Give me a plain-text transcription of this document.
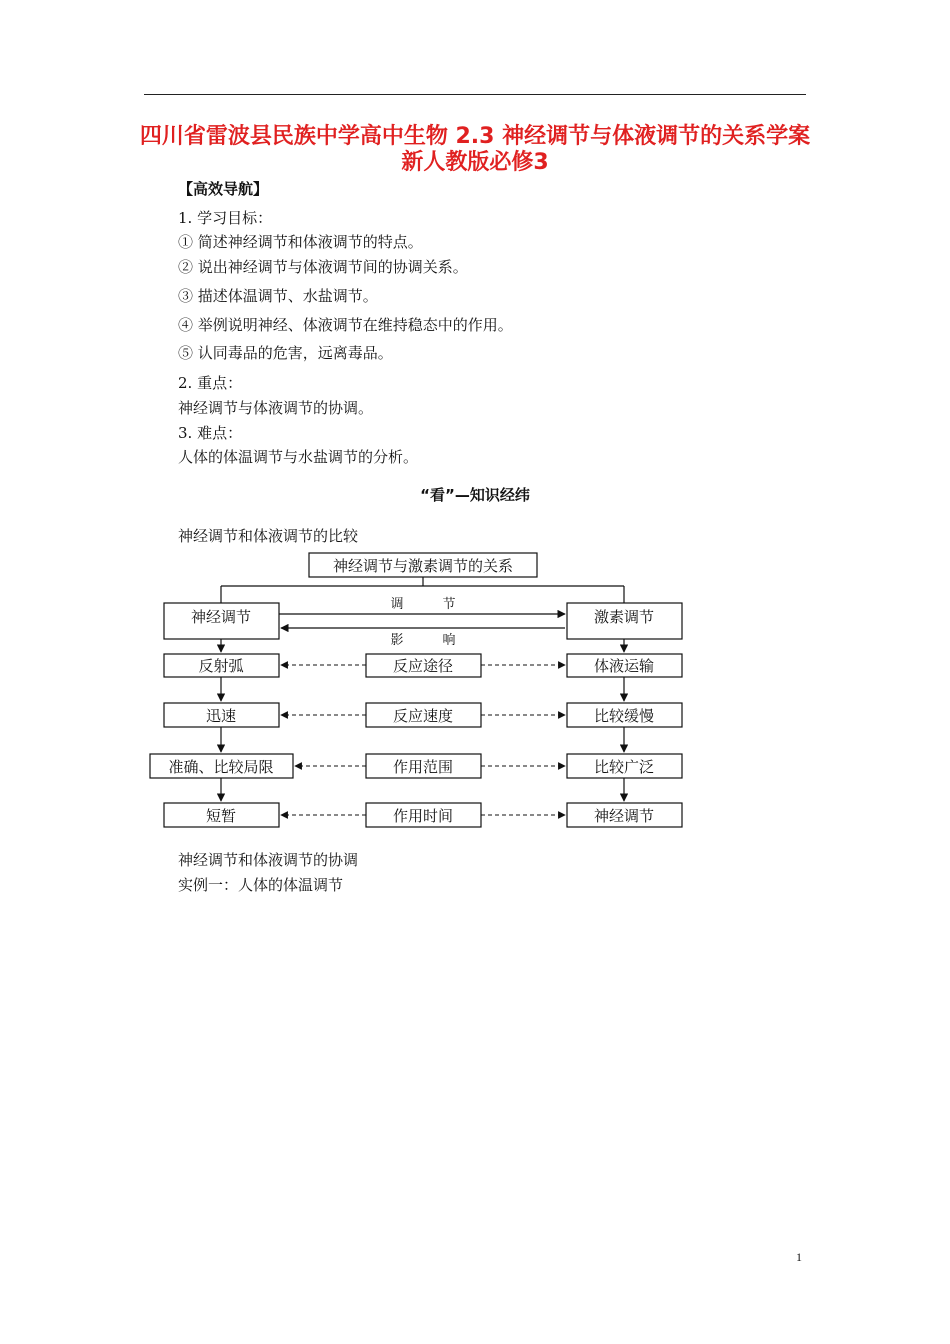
四川省雷波县民族中学高中生物 2.3 神经调节与体液调节的关系学案 新人教版必修3
【高效导航】
1. 学习目标：
① 简述神经调节和体液调节的特点。
② 说出神经调节与体液调节间的协调关系。
③ 描述体温调节、水盐调节。
④ 举例说明神经、体液调节在维持稳态中的作用。
⑤ 认同毒品的危害，远离毒品。
2. 重点：
神经调节与体液调节的协调。
3. 难点：
人体的体温调节与水盐调节的分析。
“看”—知识经纬
神经调节和体液调节的比较
神经调节与激素调节的关系
神经调节	激素调节
调　　　节
影　　　响
反射弧	反应途径	体液运输
迅速	反应速度	比较缓慢
准确、比较局限	作用范围	比较广泛
短暂	作用时间	神经调节
神经调节和体液调节的协调
实例一：人体的体温调节
1
